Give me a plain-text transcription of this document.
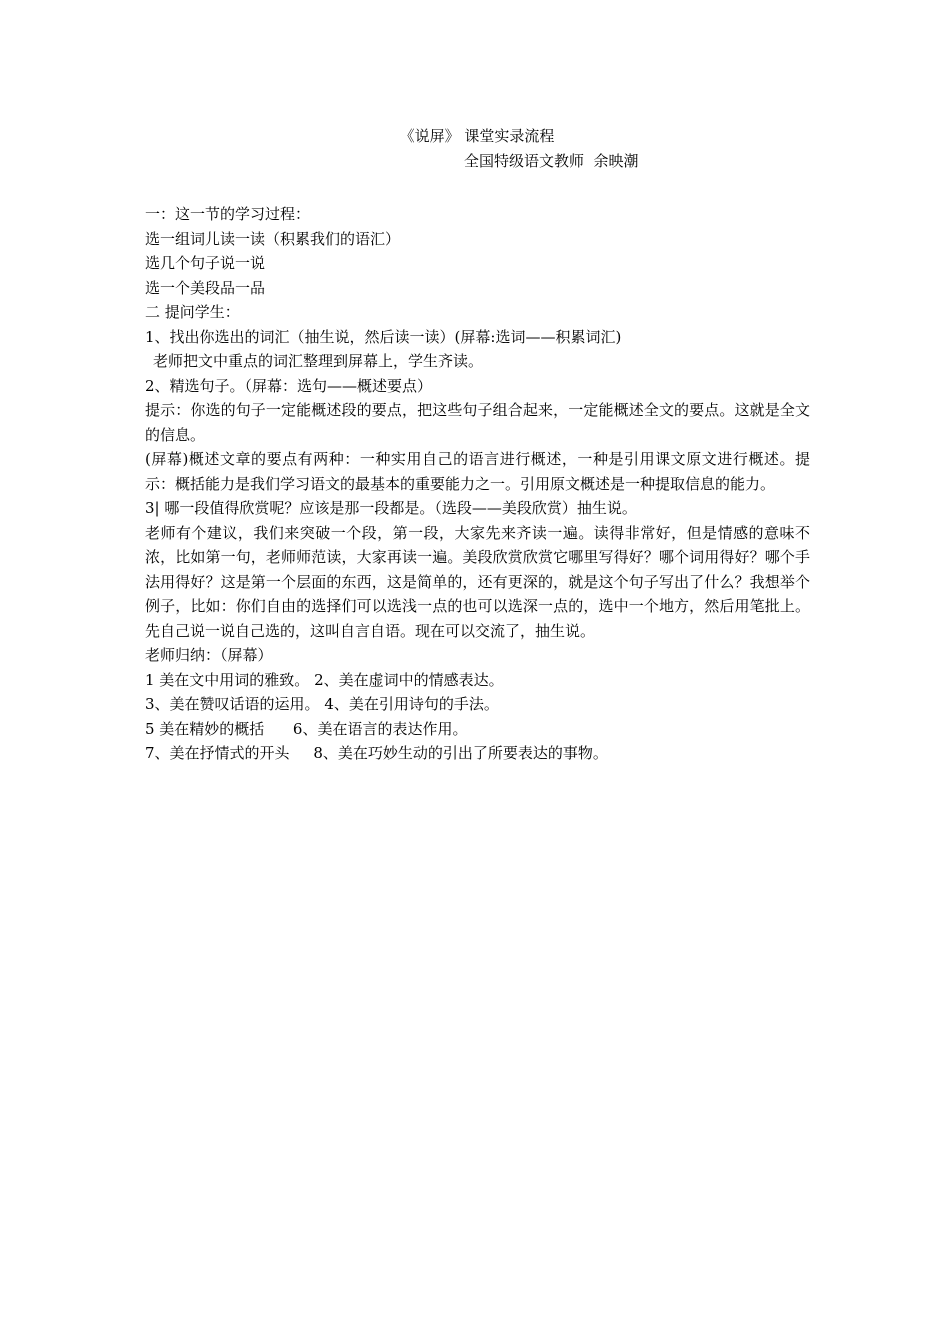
《说屏》 课堂实录流程
全国特级语文教师  余映潮
一：这一节的学习过程：
选一组词儿读一读（积累我们的语汇）
选几个句子说一说
选一个美段品一品
二 提问学生：
1、找出你选出的词汇（抽生说，然后读一读）(屏幕:选词——积累词汇)
老师把文中重点的词汇整理到屏幕上，学生齐读。
2、精选句子。（屏幕：选句——概述要点）
提示：你选的句子一定能概述段的要点，把这些句子组合起来，一定能概述全文的要点。这就是全文的信息。
(屏幕)概述文章的要点有两种：一种实用自己的语言进行概述，一种是引用课文原文进行概述。提示：概括能力是我们学习语文的最基本的重要能力之一。引用原文概述是一种提取信息的能力。
3| 哪一段值得欣赏呢？应该是那一段都是。（选段——美段欣赏）抽生说。
老师有个建议，我们来突破一个段，第一段，大家先来齐读一遍。读得非常好，但是情感的意味不浓，比如第一句，老师师范读，大家再读一遍。美段欣赏欣赏它哪里写得好？哪个词用得好？哪个手法用得好？这是第一个层面的东西，这是简单的，还有更深的，就是这个句子写出了什么？我想举个例子，比如：你们自由的选择们可以选浅一点的也可以选深一点的，选中一个地方，然后用笔批上。先自己说一说自己选的，这叫自言自语。现在可以交流了，抽生说。
老师归纳：（屏幕）
1 美在文中用词的雅致。 2、美在虚词中的情感表达。
3、美在赞叹话语的运用。 4、美在引用诗句的手法。
5 美在精妙的概括      6、美在语言的表达作用。
7、美在抒情式的开头     8、美在巧妙生动的引出了所要表达的事物。
